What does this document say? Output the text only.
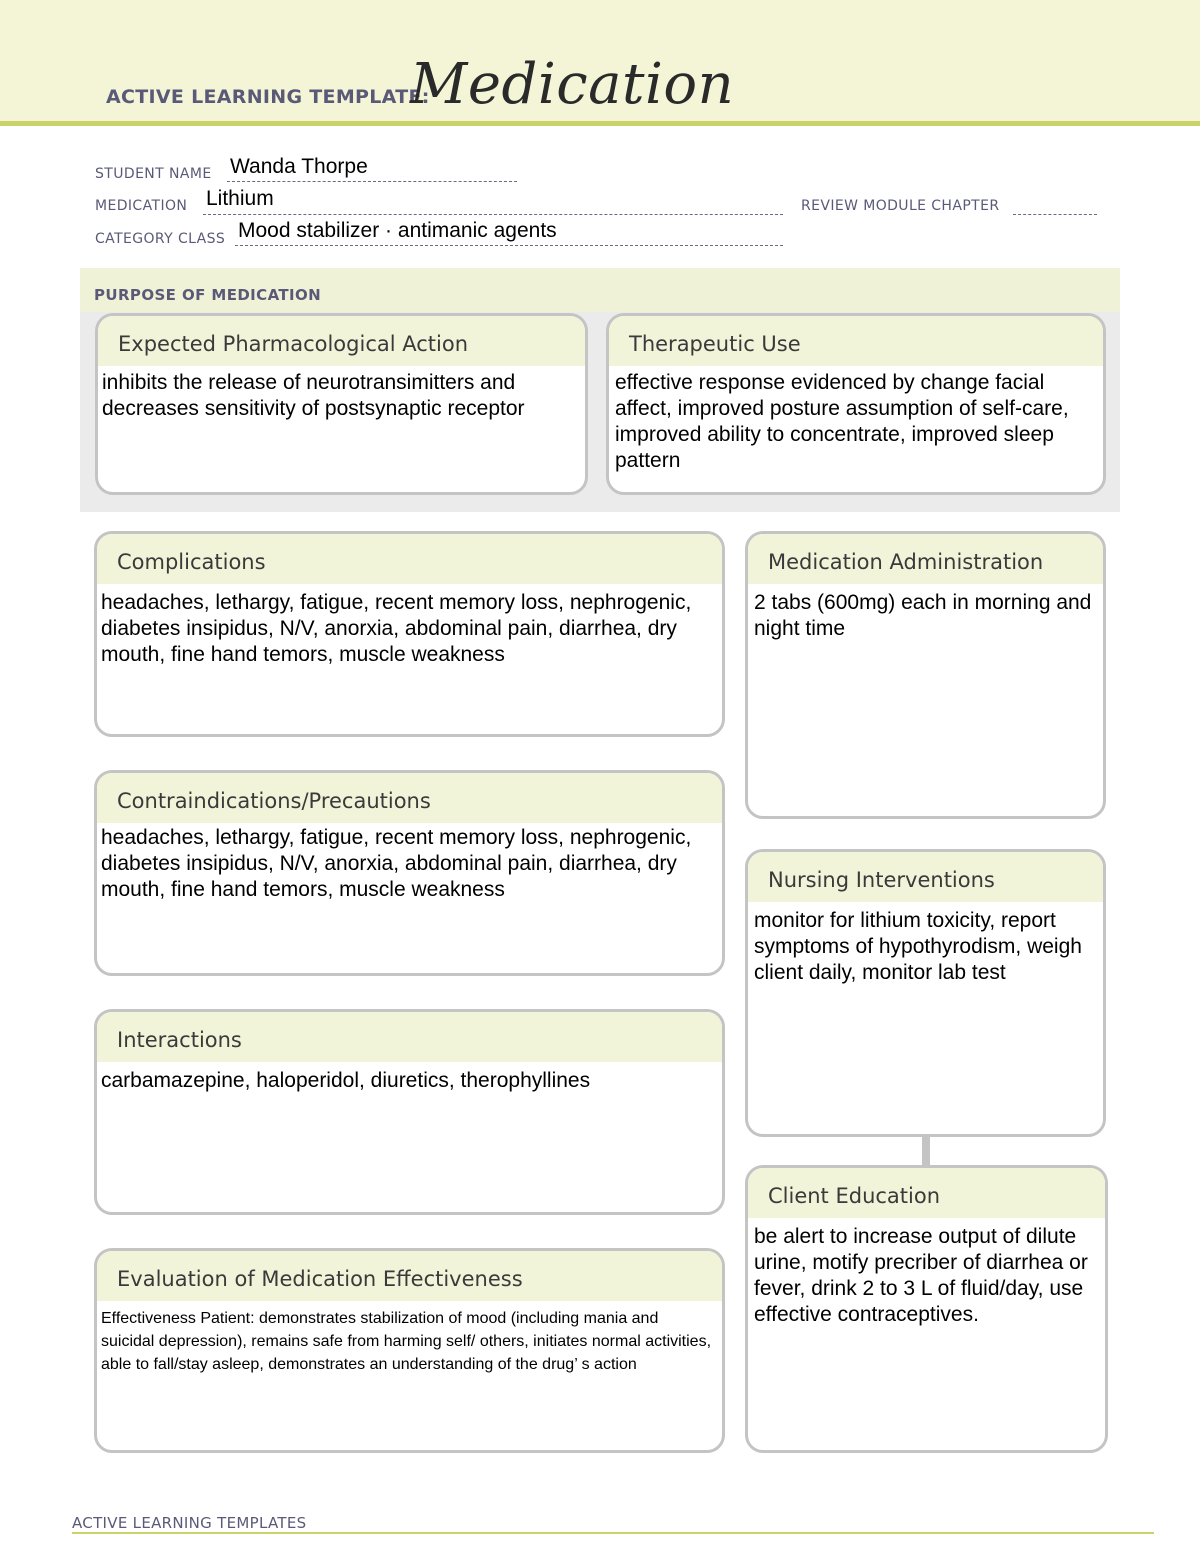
ACTIVE LEARNING TEMPLATE:
Medication
STUDENT NAME Wanda Thorpe
MEDICATION Lithium	REVIEW MODULE CHAPTER
CATEGORY CLASS Mood stabilizer · antimanic agents
PURPOSE OF MEDICATION
Expected Pharmacological Action
inhibits the release of neurotransimitters and decreases sensitivity of postsynaptic receptor
Therapeutic Use
effective response evidenced by change facial affect, improved posture assumption of self-care, improved ability to concentrate, improved sleep pattern
Complications
headaches, lethargy, fatigue, recent memory loss, nephrogenic, diabetes insipidus, N/V, anorxia, abdominal pain, diarrhea, dry mouth, fine hand temors, muscle weakness
Medication Administration
2 tabs (600mg) each in morning and night time
Contraindications/Precautions
headaches, lethargy, fatigue, recent memory loss, nephrogenic, diabetes insipidus, N/V, anorxia, abdominal pain, diarrhea, dry mouth, fine hand temors, muscle weakness	Nursing Interventions
monitor for lithium toxicity, report symptoms of hypothyrodism, weigh client daily, monitor lab test
Interactions
carbamazepine, haloperidol, diuretics, therophyllines
Client Education
be alert to increase output of dilute urine, motify precriber of diarrhea or fever, drink 2 to 3 L of fluid/day, use effective contraceptives.
Evaluation of Medication Effectiveness
Effectiveness Patient: demonstrates stabilization of mood (including mania and suicidal depression), remains safe from harming self/ others, initiates normal activities, able to fall/stay asleep, demonstrates an understanding of the drug’ s action
ACTIVE LEARNING TEMPLATES
